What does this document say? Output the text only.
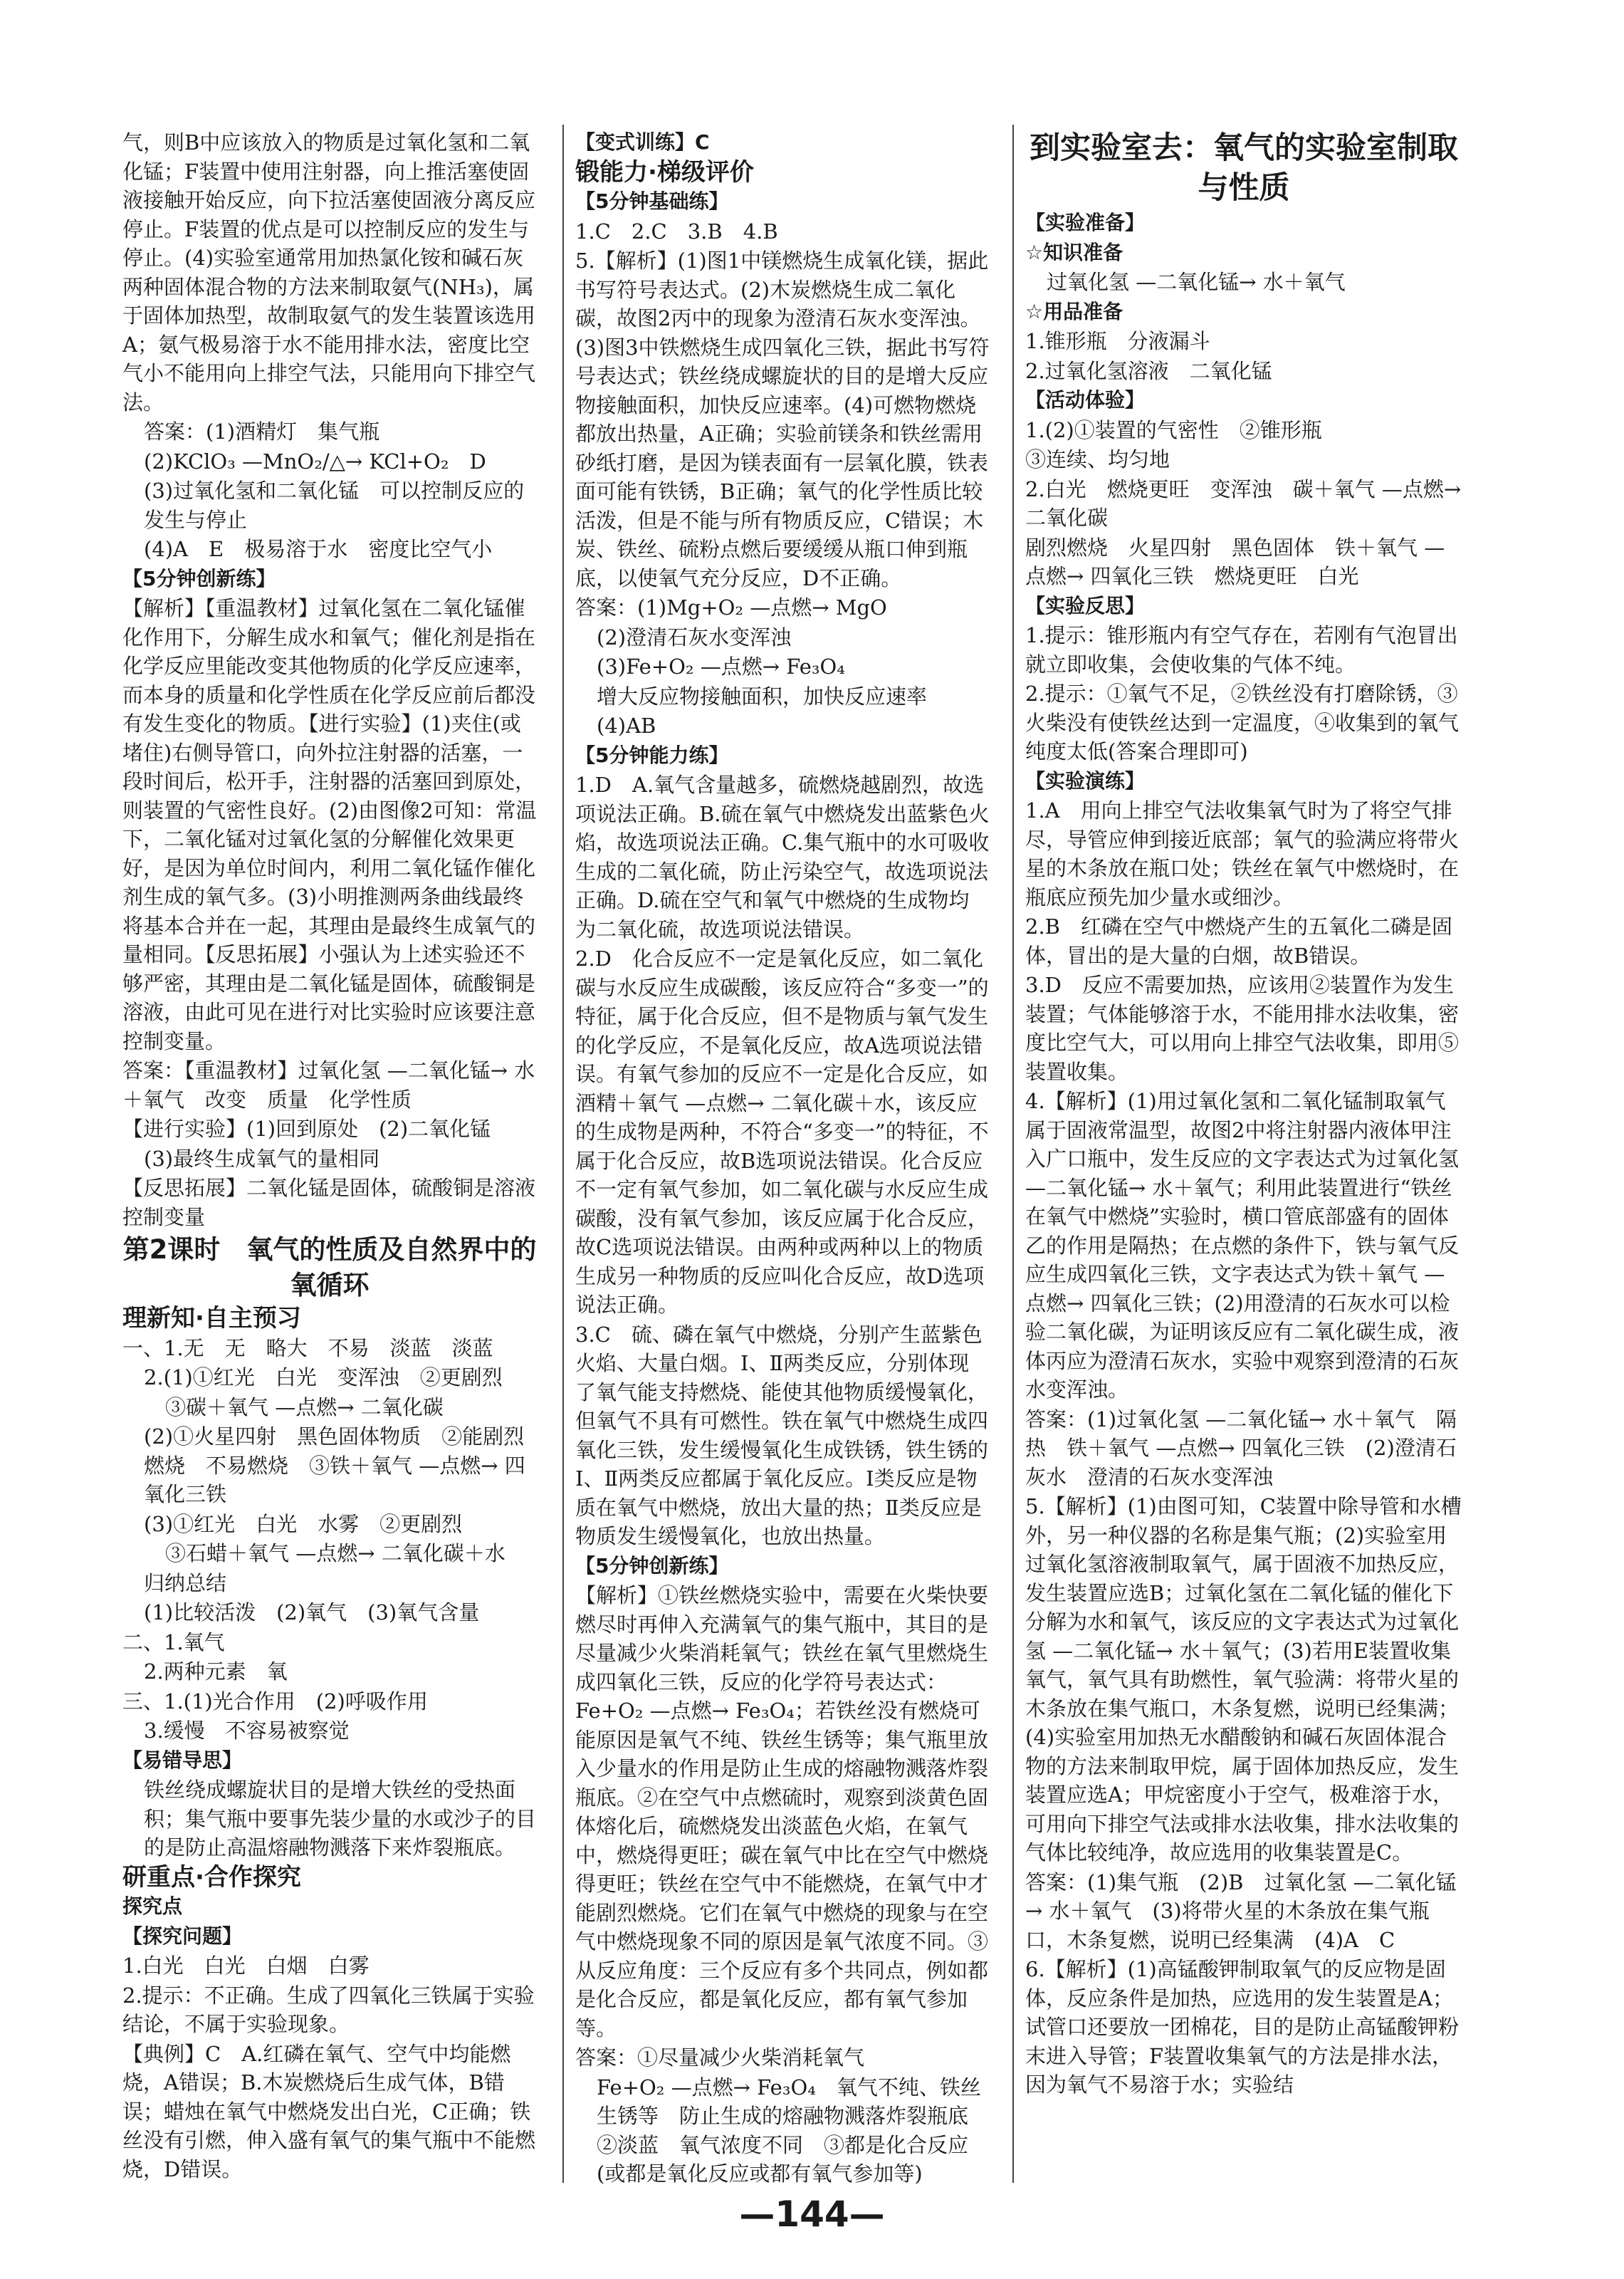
气，则B中应该放入的物质是过氧化氢和二氧化锰；F装置中使用注射器，向上推活塞使固液接触开始反应，向下拉活塞使固液分离反应停止。F装置的优点是可以控制反应的发生与停止。(4)实验室通常用加热氯化铵和碱石灰两种固体混合物的方法来制取氨气(NH₃)，属于固体加热型，故制取氨气的发生装置该选用A；氨气极易溶于水不能用排水法，密度比空气小不能用向上排空气法，只能用向下排空气法。

答案：(1)酒精灯　集气瓶

(2)KClO₃ —MnO₂/△→ KCl+O₂　D

(3)过氧化氢和二氧化锰　可以控制反应的发生与停止

(4)A　E　极易溶于水　密度比空气小

【5分钟创新练】

【解析】【重温教材】过氧化氢在二氧化锰催化作用下，分解生成水和氧气；催化剂是指在化学反应里能改变其他物质的化学反应速率，而本身的质量和化学性质在化学反应前后都没有发生变化的物质。【进行实验】(1)夹住(或堵住)右侧导管口，向外拉注射器的活塞，一段时间后，松开手，注射器的活塞回到原处，则装置的气密性良好。(2)由图像2可知：常温下，二氧化锰对过氧化氢的分解催化效果更好，是因为单位时间内，利用二氧化锰作催化剂生成的氧气多。(3)小明推测两条曲线最终将基本合并在一起，其理由是最终生成氧气的量相同。【反思拓展】小强认为上述实验还不够严密，其理由是二氧化锰是固体，硫酸铜是溶液，由此可见在进行对比实验时应该要注意控制变量。

答案：【重温教材】过氧化氢 —二氧化锰→ 水＋氧气　改变　质量　化学性质

【进行实验】(1)回到原处　(2)二氧化锰

(3)最终生成氧气的量相同

【反思拓展】二氧化锰是固体，硫酸铜是溶液　控制变量

第2课时　氧气的性质及自然界中的氧循环

理新知·自主预习

一、1.无　无　略大　不易　淡蓝　淡蓝

2.(1)①红光　白光　变浑浊　②更剧烈

③碳＋氧气 —点燃→ 二氧化碳

(2)①火星四射　黑色固体物质　②能剧烈燃烧　不易燃烧　③铁＋氧气 —点燃→ 四氧化三铁

(3)①红光　白光　水雾　②更剧烈

③石蜡＋氧气 —点燃→ 二氧化碳＋水

归纳总结

(1)比较活泼　(2)氧气　(3)氧气含量

二、1.氧气

2.两种元素　氧

三、1.(1)光合作用　(2)呼吸作用

3.缓慢　不容易被察觉

【易错导思】

铁丝绕成螺旋状目的是增大铁丝的受热面积；集气瓶中要事先装少量的水或沙子的目的是防止高温熔融物溅落下来炸裂瓶底。

研重点·合作探究

探究点

【探究问题】

1.白光　白光　白烟　白雾

2.提示：不正确。生成了四氧化三铁属于实验结论，不属于实验现象。

【典例】C　A.红磷在氧气、空气中均能燃烧，A错误；B.木炭燃烧后生成气体，B错误；蜡烛在氧气中燃烧发出白光，C正确；铁丝没有引燃，伸入盛有氧气的集气瓶中不能燃烧，D错误。

【变式训练】C

锻能力·梯级评价

【5分钟基础练】

1.C　2.C　3.B　4.B

5.【解析】(1)图1中镁燃烧生成氧化镁，据此书写符号表达式。(2)木炭燃烧生成二氧化碳，故图2丙中的现象为澄清石灰水变浑浊。(3)图3中铁燃烧生成四氧化三铁，据此书写符号表达式；铁丝绕成螺旋状的目的是增大反应物接触面积，加快反应速率。(4)可燃物燃烧都放出热量，A正确；实验前镁条和铁丝需用砂纸打磨，是因为镁表面有一层氧化膜，铁表面可能有铁锈，B正确；氧气的化学性质比较活泼，但是不能与所有物质反应，C错误；木炭、铁丝、硫粉点燃后要缓缓从瓶口伸到瓶底，以使氧气充分反应，D不正确。

答案：(1)Mg+O₂ —点燃→ MgO

(2)澄清石灰水变浑浊

(3)Fe+O₂ —点燃→ Fe₃O₄

增大反应物接触面积，加快反应速率

(4)AB

【5分钟能力练】

1.D　A.氧气含量越多，硫燃烧越剧烈，故选项说法正确。B.硫在氧气中燃烧发出蓝紫色火焰，故选项说法正确。C.集气瓶中的水可吸收生成的二氧化硫，防止污染空气，故选项说法正确。D.硫在空气和氧气中燃烧的生成物均为二氧化硫，故选项说法错误。

2.D　化合反应不一定是氧化反应，如二氧化碳与水反应生成碳酸，该反应符合“多变一”的特征，属于化合反应，但不是物质与氧气发生的化学反应，不是氧化反应，故A选项说法错误。有氧气参加的反应不一定是化合反应，如酒精＋氧气 —点燃→ 二氧化碳＋水，该反应的生成物是两种，不符合“多变一”的特征，不属于化合反应，故B选项说法错误。化合反应不一定有氧气参加，如二氧化碳与水反应生成碳酸，没有氧气参加，该反应属于化合反应，故C选项说法错误。由两种或两种以上的物质生成另一种物质的反应叫化合反应，故D选项说法正确。

3.C　硫、磷在氧气中燃烧，分别产生蓝紫色火焰、大量白烟。Ⅰ、Ⅱ两类反应，分别体现了氧气能支持燃烧、能使其他物质缓慢氧化，但氧气不具有可燃性。铁在氧气中燃烧生成四氧化三铁，发生缓慢氧化生成铁锈，铁生锈的Ⅰ、Ⅱ两类反应都属于氧化反应。Ⅰ类反应是物质在氧气中燃烧，放出大量的热；Ⅱ类反应是物质发生缓慢氧化，也放出热量。

【5分钟创新练】

【解析】①铁丝燃烧实验中，需要在火柴快要燃尽时再伸入充满氧气的集气瓶中，其目的是尽量减少火柴消耗氧气；铁丝在氧气里燃烧生成四氧化三铁，反应的化学符号表达式：Fe+O₂ —点燃→ Fe₃O₄；若铁丝没有燃烧可能原因是氧气不纯、铁丝生锈等；集气瓶里放入少量水的作用是防止生成的熔融物溅落炸裂瓶底。②在空气中点燃硫时，观察到淡黄色固体熔化后，硫燃烧发出淡蓝色火焰，在氧气中，燃烧得更旺；碳在氧气中比在空气中燃烧得更旺；铁丝在空气中不能燃烧，在氧气中才能剧烈燃烧。它们在氧气中燃烧的现象与在空气中燃烧现象不同的原因是氧气浓度不同。③从反应角度：三个反应有多个共同点，例如都是化合反应，都是氧化反应，都有氧气参加等。

答案：①尽量减少火柴消耗氧气

Fe+O₂ —点燃→ Fe₃O₄　氧气不纯、铁丝生锈等　防止生成的熔融物溅落炸裂瓶底　②淡蓝　氧气浓度不同　③都是化合反应(或都是氧化反应或都有氧气参加等)

到实验室去：氧气的实验室制取与性质

【实验准备】

☆知识准备

过氧化氢 —二氧化锰→ 水＋氧气

☆用品准备

1.锥形瓶　分液漏斗

2.过氧化氢溶液　二氧化锰

【活动体验】

1.(2)①装置的气密性　②锥形瓶

③连续、均匀地

2.白光　燃烧更旺　变浑浊　碳＋氧气 —点燃→ 二氧化碳

剧烈燃烧　火星四射　黑色固体　铁＋氧气 —点燃→ 四氧化三铁　燃烧更旺　白光

【实验反思】

1.提示：锥形瓶内有空气存在，若刚有气泡冒出就立即收集，会使收集的气体不纯。

2.提示：①氧气不足，②铁丝没有打磨除锈，③火柴没有使铁丝达到一定温度，④收集到的氧气纯度太低(答案合理即可)

【实验演练】

1.A　用向上排空气法收集氧气时为了将空气排尽，导管应伸到接近底部；氧气的验满应将带火星的木条放在瓶口处；铁丝在氧气中燃烧时，在瓶底应预先加少量水或细沙。

2.B　红磷在空气中燃烧产生的五氧化二磷是固体，冒出的是大量的白烟，故B错误。

3.D　反应不需要加热，应该用②装置作为发生装置；气体能够溶于水，不能用排水法收集，密度比空气大，可以用向上排空气法收集，即用⑤装置收集。

4.【解析】(1)用过氧化氢和二氧化锰制取氧气属于固液常温型，故图2中将注射器内液体甲注入广口瓶中，发生反应的文字表达式为过氧化氢 —二氧化锰→ 水＋氧气；利用此装置进行“铁丝在氧气中燃烧”实验时，横口管底部盛有的固体乙的作用是隔热；在点燃的条件下，铁与氧气反应生成四氧化三铁，文字表达式为铁＋氧气 —点燃→ 四氧化三铁；(2)用澄清的石灰水可以检验二氧化碳，为证明该反应有二氧化碳生成，液体丙应为澄清石灰水，实验中观察到澄清的石灰水变浑浊。

答案：(1)过氧化氢 —二氧化锰→ 水＋氧气　隔热　铁＋氧气 —点燃→ 四氧化三铁　(2)澄清石灰水　澄清的石灰水变浑浊

5.【解析】(1)由图可知，C装置中除导管和水槽外，另一种仪器的名称是集气瓶；(2)实验室用过氧化氢溶液制取氧气，属于固液不加热反应，发生装置应选B；过氧化氢在二氧化锰的催化下分解为水和氧气，该反应的文字表达式为过氧化氢 —二氧化锰→ 水＋氧气；(3)若用E装置收集氧气，氧气具有助燃性，氧气验满：将带火星的木条放在集气瓶口，木条复燃，说明已经集满；(4)实验室用加热无水醋酸钠和碱石灰固体混合物的方法来制取甲烷，属于固体加热反应，发生装置应选A；甲烷密度小于空气，极难溶于水，可用向下排空气法或排水法收集，排水法收集的气体比较纯净，故应选用的收集装置是C。

答案：(1)集气瓶　(2)B　过氧化氢 —二氧化锰→ 水＋氧气　(3)将带火星的木条放在集气瓶口，木条复燃，说明已经集满　(4)A　C

6.【解析】(1)高锰酸钾制取氧气的反应物是固体，反应条件是加热，应选用的发生装置是A；试管口还要放一团棉花，目的是防止高锰酸钾粉末进入导管；F装置收集氧气的方法是排水法，因为氧气不易溶于水；实验结

—144—
